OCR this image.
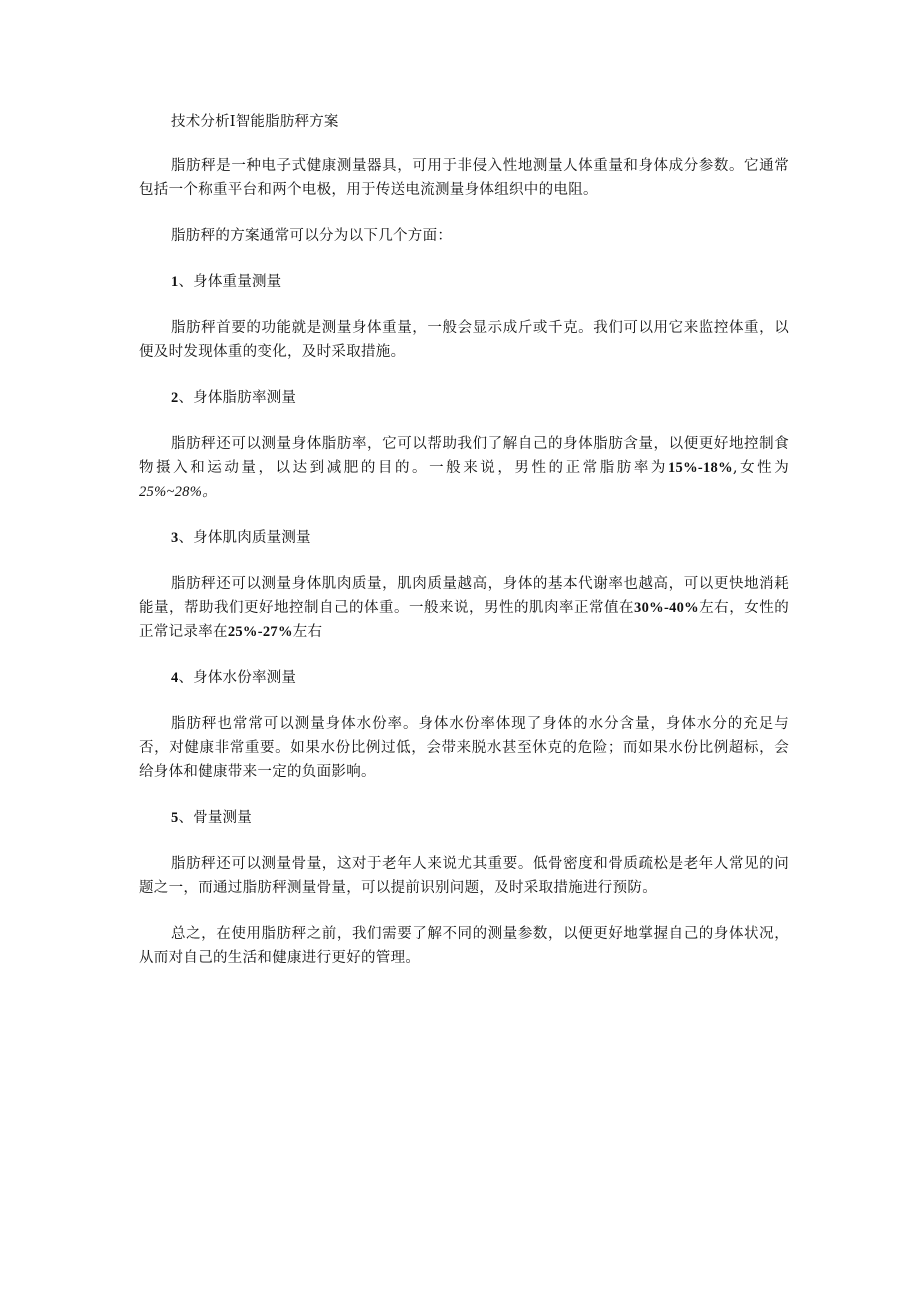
技术分析I智能脂肪秤方案

脂肪秤是一种电子式健康测量器具，可用于非侵入性地测量人体重量和身体成分参数。它通常包括一个称重平台和两个电极，用于传送电流测量身体组织中的电阻。

脂肪秤的方案通常可以分为以下几个方面：

1、身体重量测量

脂肪秤首要的功能就是测量身体重量，一般会显示成斤或千克。我们可以用它来监控体重，以便及时发现体重的变化，及时采取措施。

2、身体脂肪率测量

脂肪秤还可以测量身体脂肪率，它可以帮助我们了解自己的身体脂肪含量，以便更好地控制食物摄入和运动量，以达到减肥的目的。一般来说，男性的正常脂肪率为15%-18%,女性为25%~28%。

3、身体肌肉质量测量

脂肪秤还可以测量身体肌肉质量，肌肉质量越高，身体的基本代谢率也越高，可以更快地消耗能量，帮助我们更好地控制自己的体重。一般来说，男性的肌肉率正常值在30%-40%左右，女性的正常记录率在25%-27%左右

4、身体水份率测量

脂肪秤也常常可以测量身体水份率。身体水份率体现了身体的水分含量，身体水分的充足与否，对健康非常重要。如果水份比例过低，会带来脱水甚至休克的危险；而如果水份比例超标，会给身体和健康带来一定的负面影响。

5、骨量测量

脂肪秤还可以测量骨量，这对于老年人来说尤其重要。低骨密度和骨质疏松是老年人常见的问题之一，而通过脂肪秤测量骨量，可以提前识别问题，及时采取措施进行预防。

总之，在使用脂肪秤之前，我们需要了解不同的测量参数，以便更好地掌握自己的身体状况，从而对自己的生活和健康进行更好的管理。
